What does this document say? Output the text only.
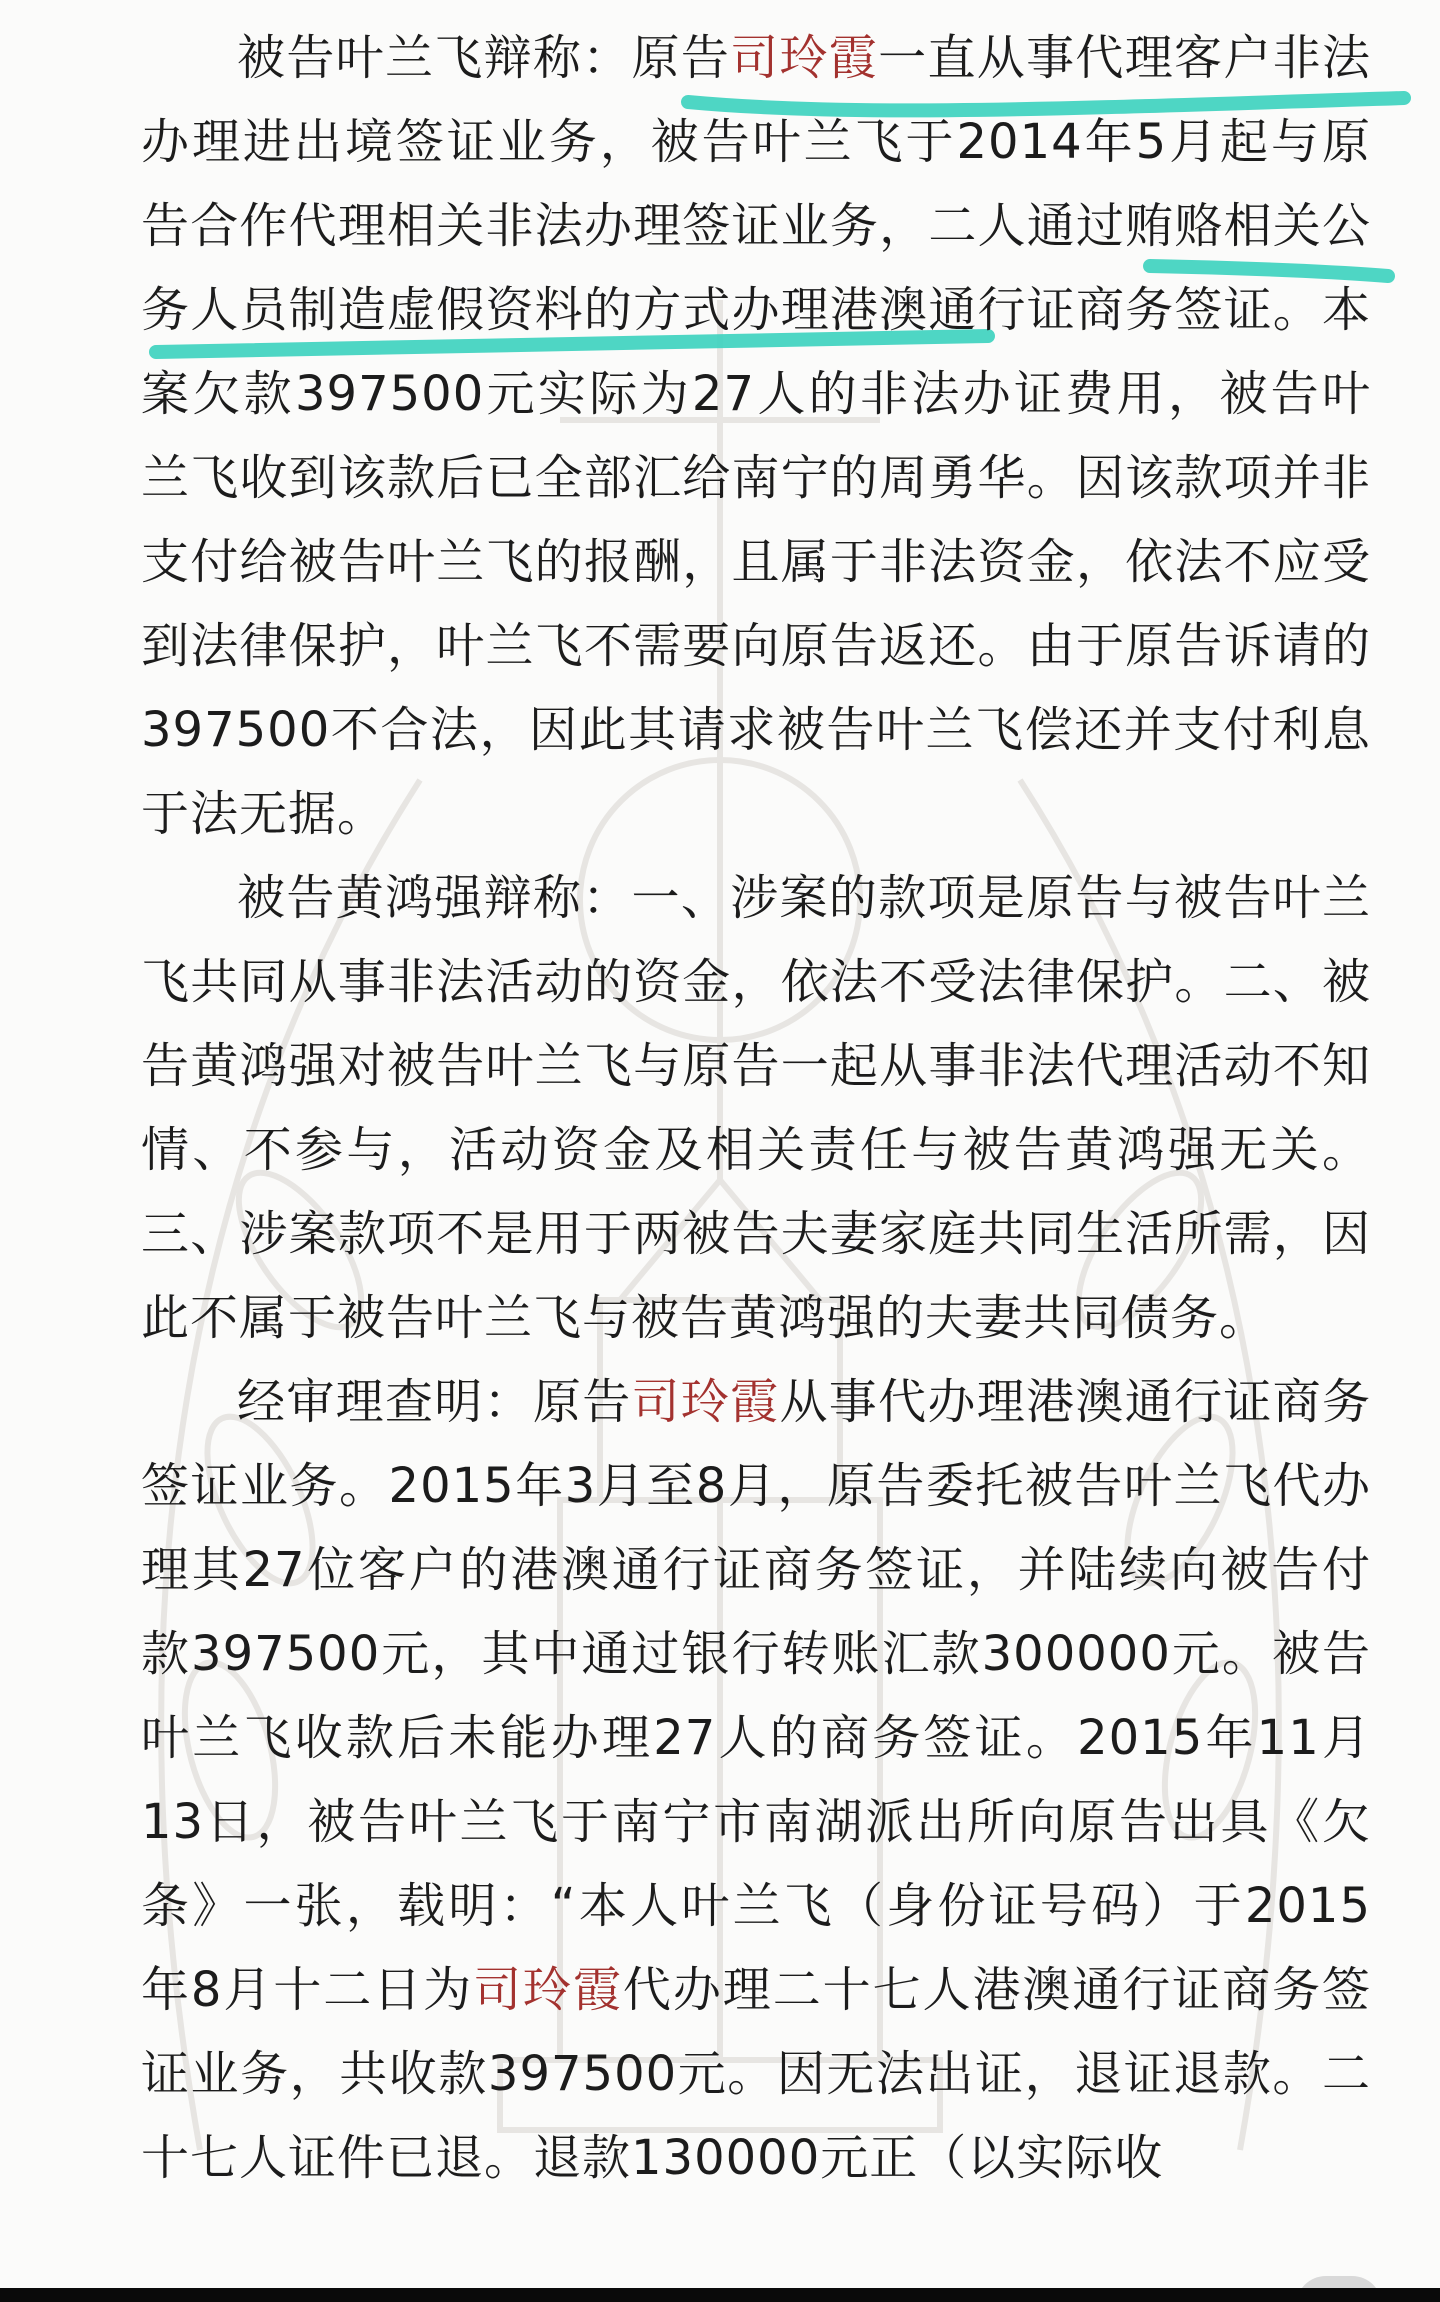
被告叶兰飞辩称：原告司玲霞一直从事代理客户非法办理进出境签证业务，被告叶兰飞于2014年5月起与原告合作代理相关非法办理签证业务，二人通过贿赂相关公务人员制造虚假资料的方式办理港澳通行证商务签证。本案欠款397500元实际为27人的非法办证费用，被告叶兰飞收到该款后已全部汇给南宁的周勇华。因该款项并非支付给被告叶兰飞的报酬，且属于非法资金，依法不应受到法律保护，叶兰飞不需要向原告返还。由于原告诉请的397500不合法，因此其请求被告叶兰飞偿还并支付利息于法无据。

被告黄鸿强辩称：一、涉案的款项是原告与被告叶兰飞共同从事非法活动的资金，依法不受法律保护。二、被告黄鸿强对被告叶兰飞与原告一起从事非法代理活动不知情、不参与，活动资金及相关责任与被告黄鸿强无关。三、涉案款项不是用于两被告夫妻家庭共同生活所需，因此不属于被告叶兰飞与被告黄鸿强的夫妻共同债务。

经审理查明：原告司玲霞从事代办理港澳通行证商务签证业务。2015年3月至8月，原告委托被告叶兰飞代办理其27位客户的港澳通行证商务签证，并陆续向被告付款397500元，其中通过银行转账汇款300000元。被告叶兰飞收款后未能办理27人的商务签证。2015年11月13日，被告叶兰飞于南宁市南湖派出所向原告出具《欠条》一张，载明：“本人叶兰飞（身份证号码）于2015年8月十二日为司玲霞代办理二十七人港澳通行证商务签证业务，共收款397500元。因无法出证，退证退款。二十七人证件已退。退款130000元正（以实际收
